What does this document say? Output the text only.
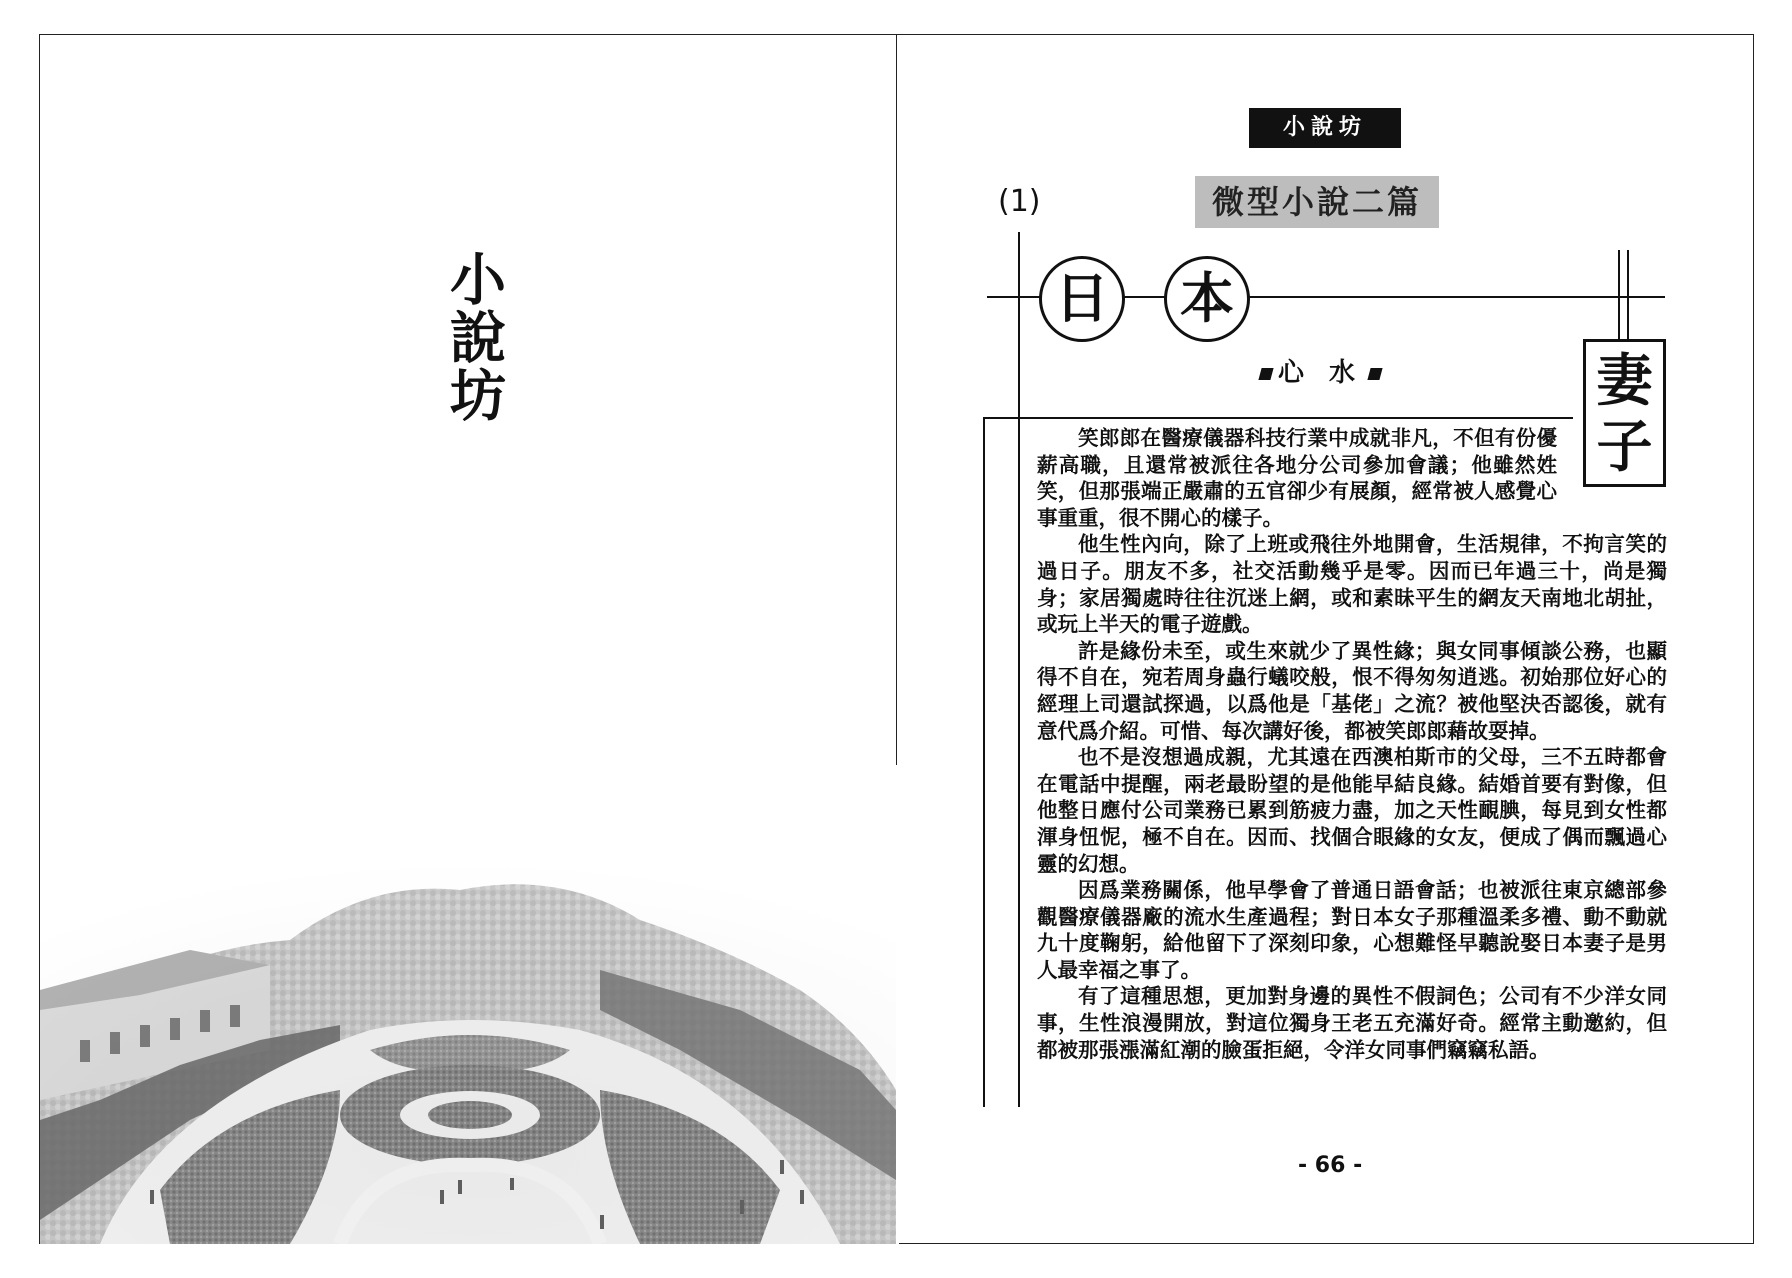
小說坊
小說坊
(1)	微型小說二篇
日 本
妻子
心 水

笑郎郎在醫療儀器科技行業中成就非凡，不但有份優薪高職，且還常被派往各地分公司參加會議；他雖然姓笑，但那張端正嚴肅的五官卻少有展顏，經常被人感覺心事重重，很不開心的樣子。

他生性內向，除了上班或飛往外地開會，生活規律，不拘言笑的過日子。朋友不多，社交活動幾乎是零。因而已年過三十，尚是獨身；家居獨處時往往沉迷上網，或和素昧平生的網友天南地北胡扯，或玩上半天的電子遊戲。

許是緣份未至，或生來就少了異性緣；與女同事傾談公務，也顯得不自在，宛若周身蟲行蟻咬般，恨不得匆匆逍逃。初始那位好心的經理上司還試探過，以爲他是「基佬」之流？被他堅決否認後，就有意代爲介紹。可惜、每次講好後，都被笑郎郎藉故耍掉。

也不是沒想過成親，尤其遠在西澳柏斯市的父母，三不五時都會在電話中提醒，兩老最盼望的是他能早結良緣。結婚首要有對像，但他整日應付公司業務已累到筋疲力盡，加之天性靦腆，每見到女性都渾身忸怩，極不自在。因而、找個合眼緣的女友，便成了偶而飄過心靈的幻想。

因爲業務關係，他早學會了普通日語會話；也被派往東京總部參觀醫療儀器廠的流水生產過程；對日本女子那種溫柔多禮、動不動就九十度鞠躬，給他留下了深刻印象，心想難怪早聽說娶日本妻子是男人最幸福之事了。

有了這種思想，更加對身邊的異性不假詞色；公司有不少洋女同事，生性浪漫開放，對這位獨身王老五充滿好奇。經常主動邀約，但都被那張漲滿紅潮的臉蛋拒絕，令洋女同事們竊竊私語。

- 66 -
